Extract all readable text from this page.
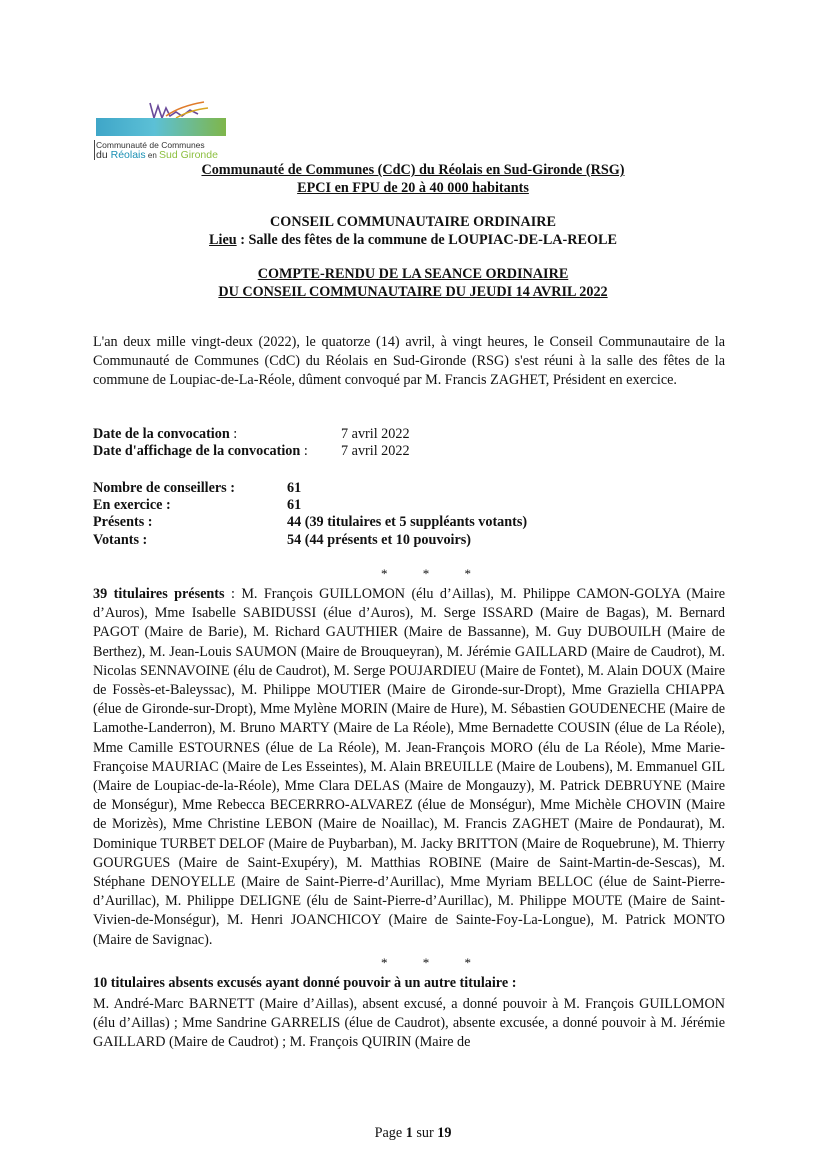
Communauté de Communes
du Réolais en Sud Gironde
Communauté de Communes (CdC) du Réolais en Sud-Gironde (RSG)
EPCI en FPU de 20 à 40 000 habitants
CONSEIL COMMUNAUTAIRE ORDINAIRE
Lieu : Salle des fêtes de la commune de LOUPIAC-DE-LA-REOLE
COMPTE-RENDU DE LA SEANCE ORDINAIRE
DU CONSEIL COMMUNAUTAIRE DU JEUDI 14 AVRIL 2022

L'an deux mille vingt-deux (2022), le quatorze (14) avril, à vingt heures, le Conseil Communautaire de la Communauté de Communes (CdC) du Réolais en Sud-Gironde (RSG) s'est réuni à la salle des fêtes de la commune de Loupiac-de-La-Réole, dûment convoqué par M. Francis ZAGHET, Président en exercice.

Date de la convocation :	7 avril 2022
Date d'affichage de la convocation : 7 avril 2022
Nombre de conseillers :	61
En exercice :	61
Présents :	44 (39 titulaires et 5 suppléants votants)
Votants :	54 (44 présents et 10 pouvoirs)
* * *

39 titulaires présents : M. François GUILLOMON (élu d’Aillas), M. Philippe CAMON-GOLYA (Maire d’Auros), Mme Isabelle SABIDUSSI (élue d’Auros), M. Serge ISSARD (Maire de Bagas), M. Bernard PAGOT (Maire de Barie), M. Richard GAUTHIER (Maire de Bassanne), M. Guy DUBOUILH (Maire de Berthez), M. Jean-Louis SAUMON (Maire de Brouqueyran), M. Jérémie GAILLARD (Maire de Caudrot), M. Nicolas SENNAVOINE (élu de Caudrot), M. Serge POUJARDIEU (Maire de Fontet), M. Alain DOUX (Maire de Fossès-et-Baleyssac), M. Philippe MOUTIER (Maire de Gironde-sur-Dropt), Mme Graziella CHIAPPA (élue de Gironde-sur-Dropt), Mme Mylène MORIN (Maire de Hure), M. Sébastien GOUDENECHE (Maire de Lamothe-Landerron), M. Bruno MARTY (Maire de La Réole), Mme Bernadette COUSIN (élue de La Réole), Mme Camille ESTOURNES (élue de La Réole), M. Jean-François MORO (élu de La Réole), Mme Marie-Françoise MAURIAC (Maire de Les Esseintes), M. Alain BREUILLE (Maire de Loubens), M. Emmanuel GIL (Maire de Loupiac-de-la-Réole), Mme Clara DELAS (Maire de Mongauzy), M. Patrick DEBRUYNE (Maire de Monségur), Mme Rebecca BECERRRO-ALVAREZ (élue de Monségur), Mme Michèle CHOVIN (Maire de Morizès), Mme Christine LEBON (Maire de Noaillac), M. Francis ZAGHET (Maire de Pondaurat), M. Dominique TURBET DELOF (Maire de Puybarban), M. Jacky BRITTON (Maire de Roquebrune), M. Thierry GOURGUES (Maire de Saint-Exupéry), M. Matthias ROBINE (Maire de Saint-Martin-de-Sescas), M. Stéphane DENOYELLE (Maire de Saint-Pierre-d’Aurillac), Mme Myriam BELLOC (élue de Saint-Pierre-d’Aurillac), M. Philippe DELIGNE (élu de Saint-Pierre-d’Aurillac), M. Philippe MOUTE (Maire de Saint-Vivien-de-Monségur), M. Henri JOANCHICOY (Maire de Sainte-Foy-La-Longue), M. Patrick MONTO (Maire de Savignac).

* * *
10 titulaires absents excusés ayant donné pouvoir à un autre titulaire :

M. André-Marc BARNETT (Maire d’Aillas), absent excusé, a donné pouvoir à M. François GUILLOMON (élu d’Aillas) ; Mme Sandrine GARRELIS (élue de Caudrot), absente excusée, a donné pouvoir à M. Jérémie GAILLARD (Maire de Caudrot) ; M. François QUIRIN (Maire de

Page 1 sur 19
